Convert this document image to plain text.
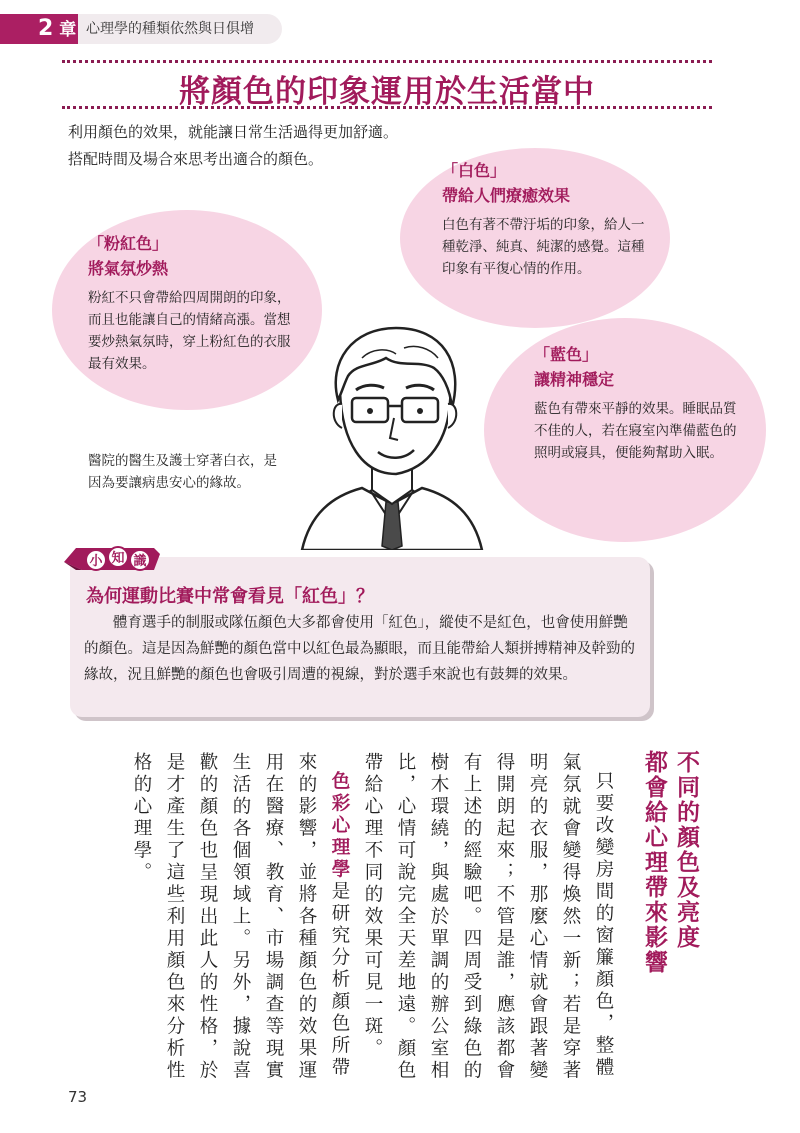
2 章 心理學的種類依然與日俱增
將顏色的印象運用於生活當中
利用顏色的效果，就能讓日常生活過得更加舒適。搭配時間及場合來思考出適合的顏色。
「白色」
帶給人們療癒效果
白色有著不帶汙垢的印象，給人一種乾淨、純真、純潔的感覺。這種印象有平復心情的作用。
「粉紅色」
將氣氛炒熱
粉紅不只會帶給四周開朗的印象，而且也能讓自己的情緒高漲。當想要炒熱氣氛時，穿上粉紅色的衣服最有效果。	「藍色」
讓精神穩定
藍色有帶來平靜的效果。睡眠品質不佳的人，若在寢室內準備藍色的照明或寢具，便能夠幫助入眠。
醫院的醫生及護士穿著白衣，是因為要讓病患安心的緣故。
小 知 識
為何運動比賽中常會看見「紅色」？
體育選手的制服或隊伍顏色大多都會使用「紅色」，縱使不是紅色，也會使用鮮艷的顏色。這是因為鮮艷的顏色當中以紅色最為顯眼，而且能帶給人類拼搏精神及幹勁的緣故，況且鮮艷的顏色也會吸引周遭的視線，對於選手來說也有鼓舞的效果。
不同的顏色及亮度
都會給心理帶來影響

只要改變房間的窗簾顏色，整體氣氛就會變得煥然一新；若是穿著明亮的衣服，那麼心情就會跟著變得開朗起來；不管是誰，應該都會有上述的經驗吧。四周受到綠色的樹木環繞，與處於單調的辦公室相比，心情可說完全天差地遠。顏色帶給心理不同的效果可見一斑。

色彩心理學是研究分析顏色所帶來的影響，並將各種顏色的效果運用在醫療、教育、市場調查等現實生活的各個領域上。另外，據說喜歡的顏色也呈現出此人的性格，於是才產生了這些利用顏色來分析性格的心理學。

73
